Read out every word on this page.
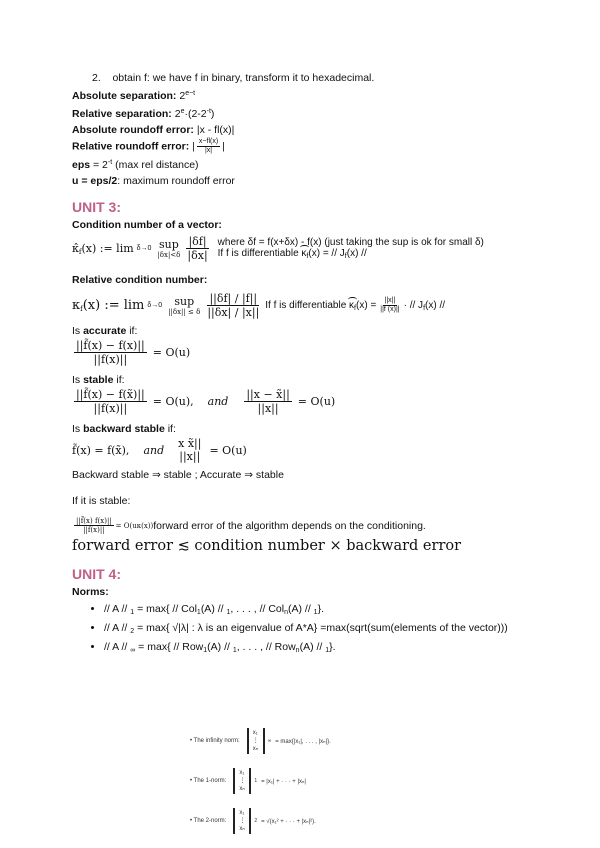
2. obtain f: we have f in binary, transform it to hexadecimal.
Absolute separation: $2^{e-t}$
Relative separation: $2^e\cdot(2-2^{-t})$
Absolute roundoff error: |x - fl(x)|
Relative roundoff error: | $\frac{x-fl(x)}{|x|}$ |
eps = $2^{-t}$ (max rel distance)
u = eps/2: maximum roundoff error
UNIT 3:
Condition number of a vector:
$\kappâ_f(x)$ := lim δ→0 sup
$|\delta x|<\delta \frac{|\delta f|}{|\delta x|}$ where δf = f(x+δx) - f(x) (just taking the sup is ok for small δ)
If f is differentiable $\kappa_f(x)$ = // $J_f(x)$ //
Relative condition number:
$\kappa_f(x)$ := lim δ→0 sup
||δx|| ≤ δ $\frac{||\delta f| / |f||}{||\delta x| / |x||}$ If f is differentiable $\kappa_f(x) = \frac{||x||}{||f (x)||}$ · // $J_f(x)$ //
Is accurate if:
$\frac{||f̃(x) - f(x)||}{||f(x)||} = O(u)$
Is stable if:
$\frac{||f̃(x) - f(x̃)||}{||f(x)||} = O(u)$, and $\frac{||x - x̃||}{||x||} = O(u)$
Is backward stable if:
f̃(x) = f(x̃), and x x̃||
||x|| = O(u)
Backward stable ⇒ stable ; Accurate ⇒ stable
If it is stable:
$\frac{||f̃(x) f(x)||}{||f(x)||} = O(u\kappa(x))$ forward error of the algorithm depends on the conditioning.
forward error ≲ condition number × backward error
UNIT 4:
Norms:
• // A // $_1$ = max{ // Col$_1$(A) // $_1$, . . . , // Col$_n$(A) // $_1$}.
• // A // $_2$ = max{ √|λ| : λ is an eigenvalue of A*A} =max(sqrt(sum(elements of the vector)))
• // A // $_\infty$ = max{ // Row$_1$(A) // $_1$, . . . , // Row$_n$(A) // $_1$}.
• The infinity norm:
x₁
⋮
xₙ
∞ = max{|x₁|, . . . , |xₙ|}.
• The 1-norm:
x₁
⋮
xₙ
1 = |x₁| + · · · + |xₙ|
• The 2-norm:
x₁
⋮
xₙ
2 = √(x₁² + · · · + |xₙ|²).
